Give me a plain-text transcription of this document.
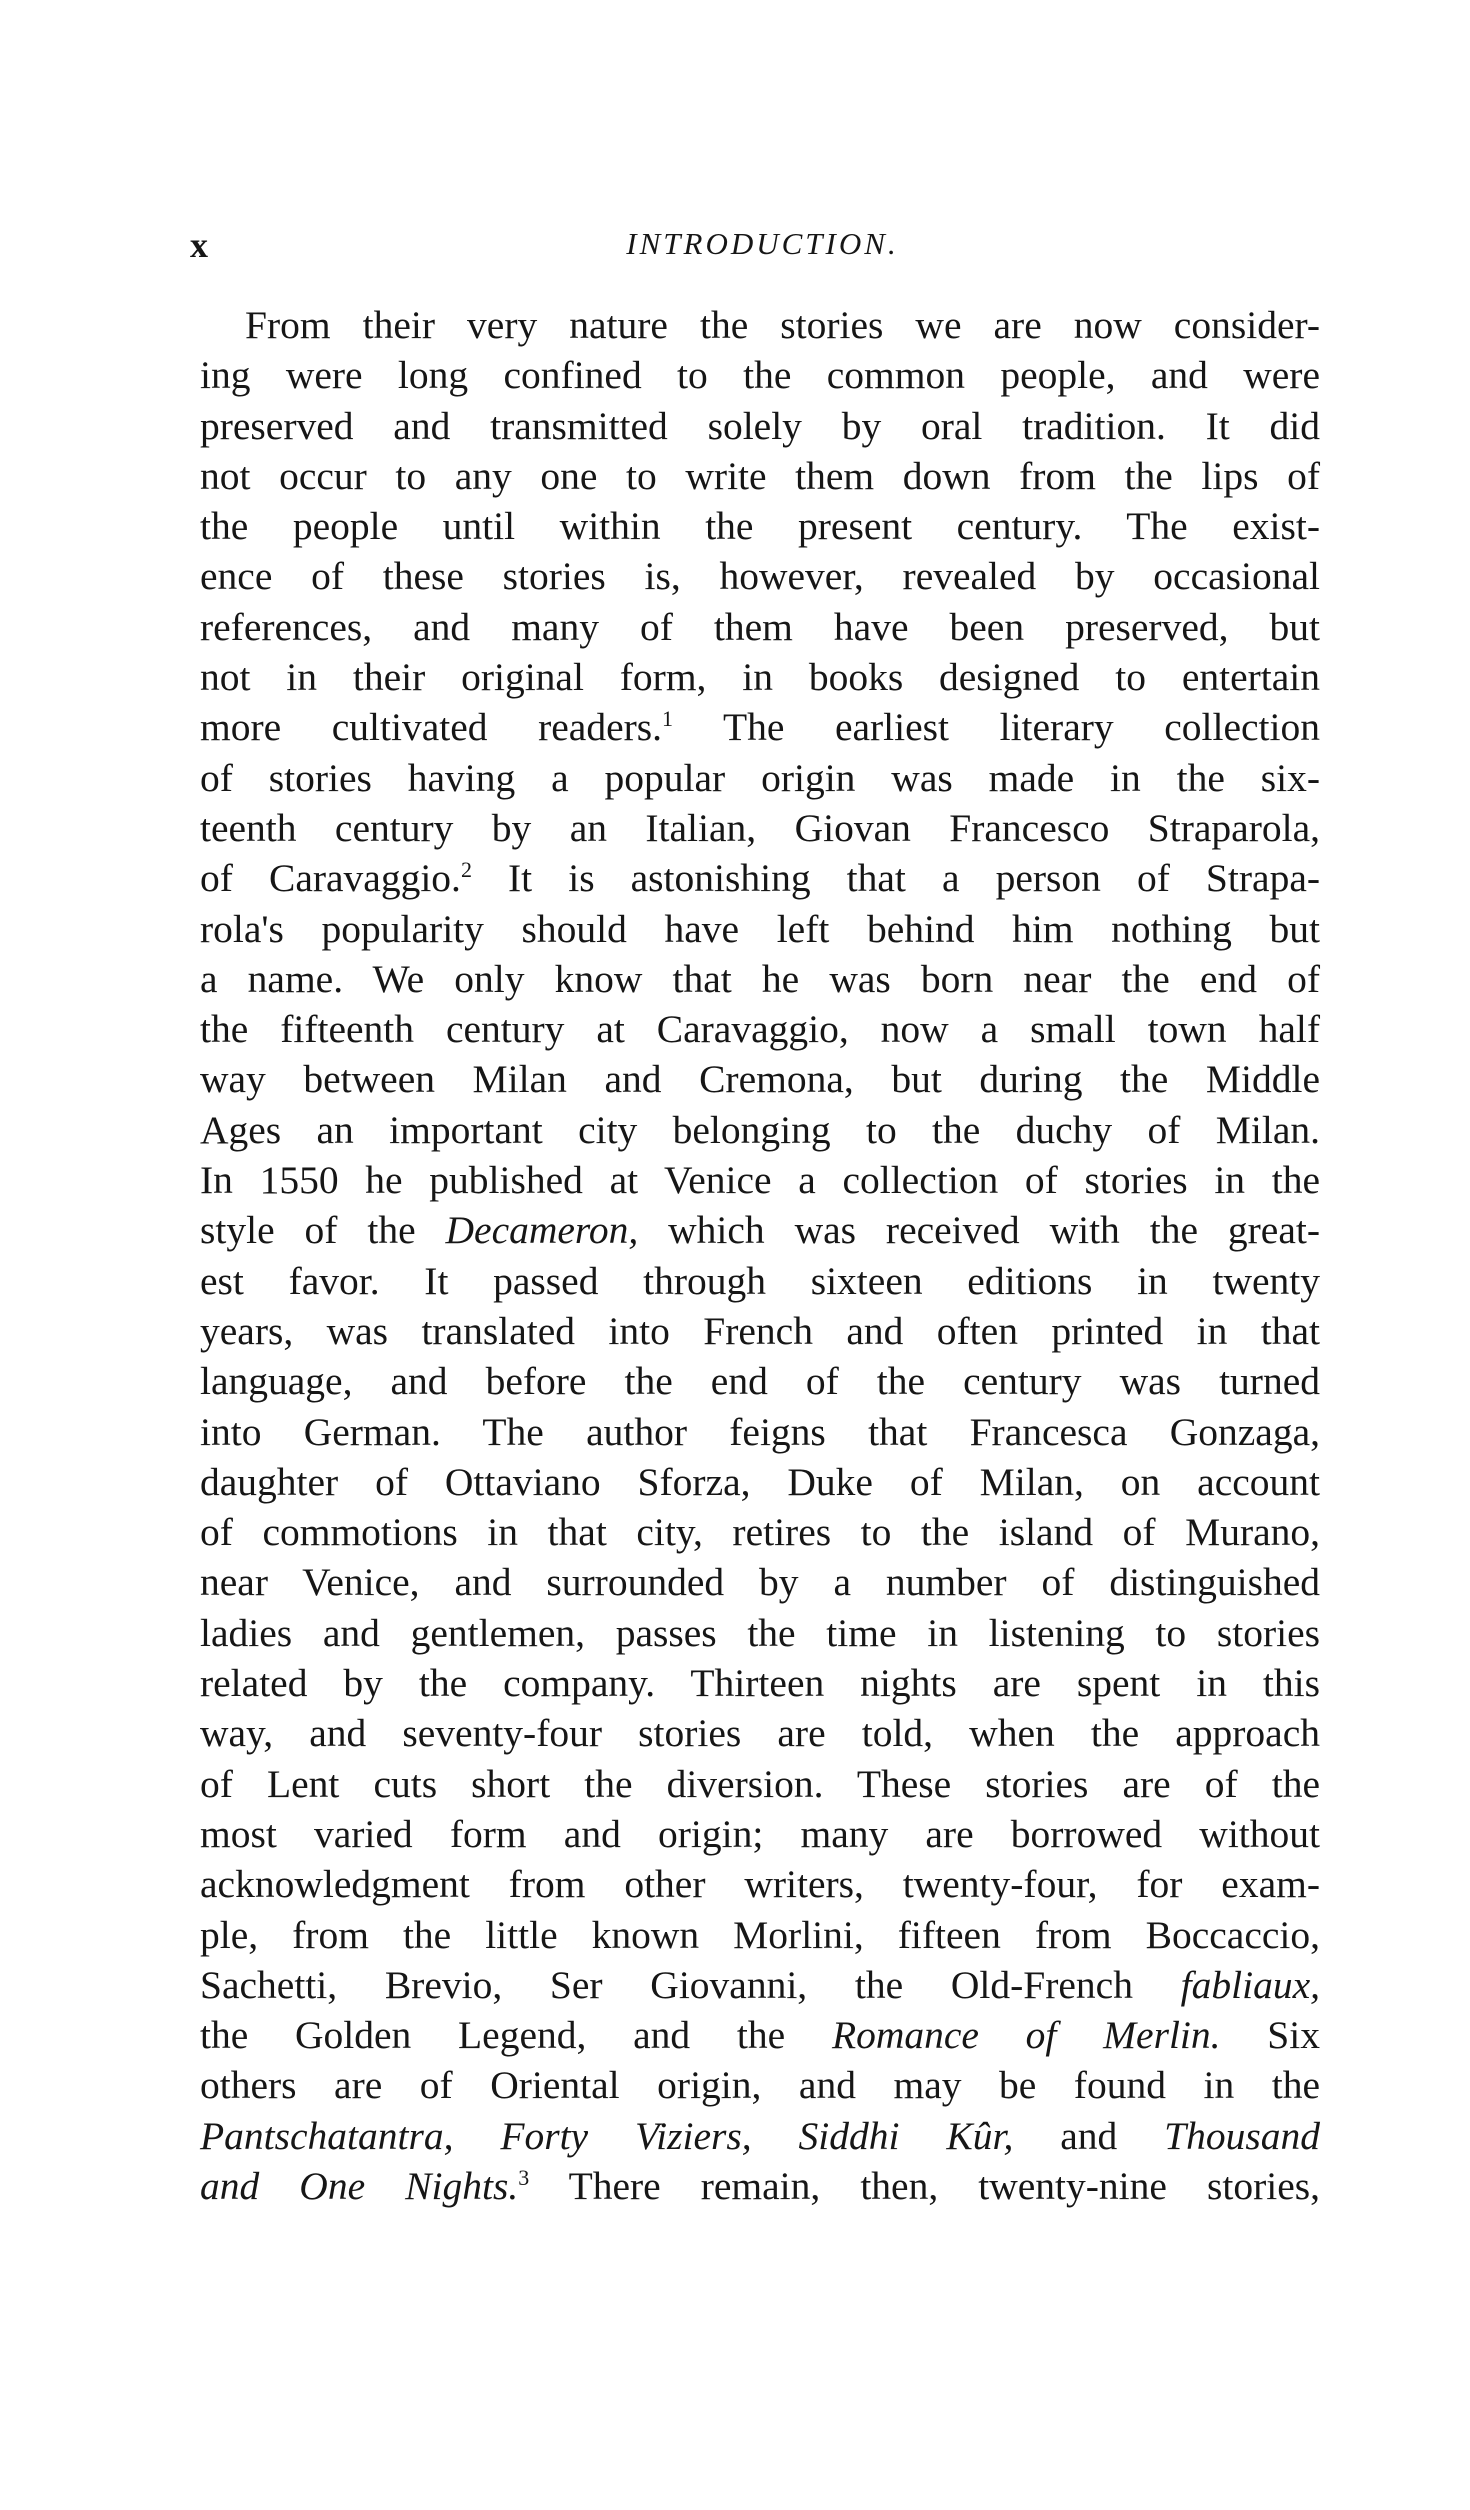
x	INTRODUCTION.
From their very nature the stories we are now consider-
ing were long confined to the common people, and were
preserved and transmitted solely by oral tradition. It did
not occur to any one to write them down from the lips of
the people until within the present century. The exist-
ence of these stories is, however, revealed by occasional
references, and many of them have been preserved, but
not in their original form, in books designed to entertain
more cultivated readers.$^1$ The earliest literary collection
of stories having a popular origin was made in the six-
teenth century by an Italian, Giovan Francesco Straparola,
of Caravaggio.$^2$ It is astonishing that a person of Strapa-
rola's popularity should have left behind him nothing but
a name. We only know that he was born near the end of
the fifteenth century at Caravaggio, now a small town half
way between Milan and Cremona, but during the Middle
Ages an important city belonging to the duchy of Milan.
In 1550 he published at Venice a collection of stories in the
style of the Decameron, which was received with the great-
est favor. It passed through sixteen editions in twenty
years, was translated into French and often printed in that
language, and before the end of the century was turned
into German. The author feigns that Francesca Gonzaga,
daughter of Ottaviano Sforza, Duke of Milan, on account
of commotions in that city, retires to the island of Murano,
near Venice, and surrounded by a number of distinguished
ladies and gentlemen, passes the time in listening to stories
related by the company. Thirteen nights are spent in this
way, and seventy-four stories are told, when the approach
of Lent cuts short the diversion. These stories are of the
most varied form and origin; many are borrowed without
acknowledgment from other writers, twenty-four, for exam-
ple, from the little known Morlini, fifteen from Boccaccio,
Sachetti, Brevio, Ser Giovanni, the Old-French fabliaux,
the Golden Legend, and the Romance of Merlin. Six
others are of Oriental origin, and may be found in the
Pantschatantra, Forty Viziers, Siddhi Kûr, and Thousand
and One Nights.$^3$ There remain, then, twenty-nine stories,
